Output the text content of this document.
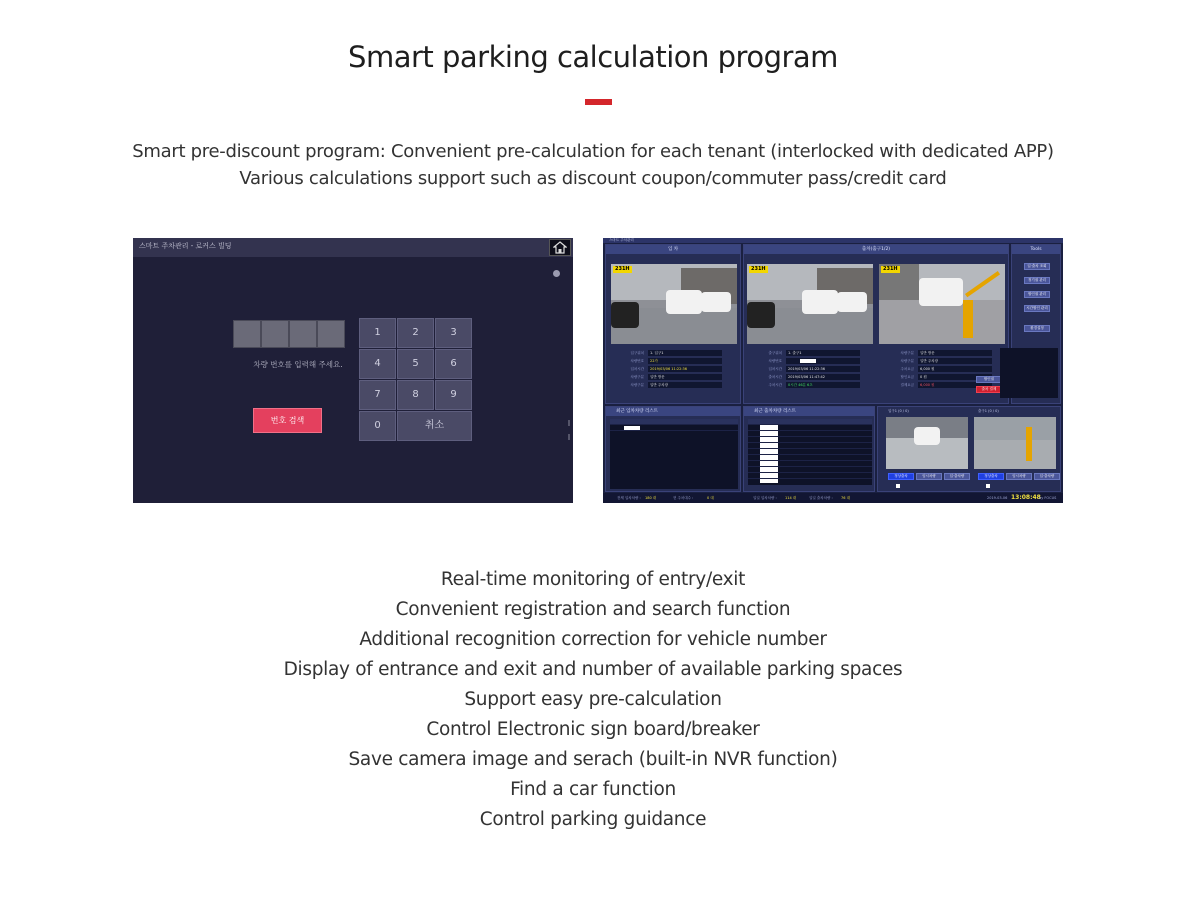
Smart parking calculation program
Smart pre-discount program: Convenient pre-calculation for each tenant (interlocked with dedicated APP)
Various calculations support such as discount coupon/commuter pass/credit card
스마트 주차관리 - 로커스 빌딩
차량 번호를 입력해 주세요.
번호 검색
1	2	3
4	5	6
7	8	9
0	취소
스마트 주차관리
입 차
231H
입구위치	1. 입구1
차량번호	22가
입차시간	2019/03/06 11:22:36
차량구분	일반 방문
차량구분	일반 주차장
출차(출구1/2)
231H	231H
출구위치	1. 출구1
차량번호
입차시간	2019/03/06 11:22:36
출차시간	2019/03/06 11:47:42
주차시간	0시간 46분 6초
차량구분	일반 방문
차량구분	일반 주차장
주차요금	6,000 원
할인요금	0 원
결제요금	6,000 원
할인권
출차 결제
Tools
입·출차 조회
정기권 관리
할인권 관리
시간할인 관리
환경설정
최근 입차차량 리스트	최근 출차차량 리스트	입구1 (0 / 0)	출구1 (0 / 0)
정상출차	임시차량	입·출차량	정상출차	임시차량	입·출차량
전체 입차차량 : 180 대	현 주차대수 :	0 대	일일 입차차량 : 114 대	일일 출차차량 : 76 대	2019-03-06 13:08:48
by FOCUS
Real-time monitoring of entry/exit
Convenient registration and search function
Additional recognition correction for vehicle number
Display of entrance and exit and number of available parking spaces
Support easy pre-calculation
Control Electronic sign board/breaker
Save camera image and serach (built-in NVR function)
Find a car function
Control parking guidance
